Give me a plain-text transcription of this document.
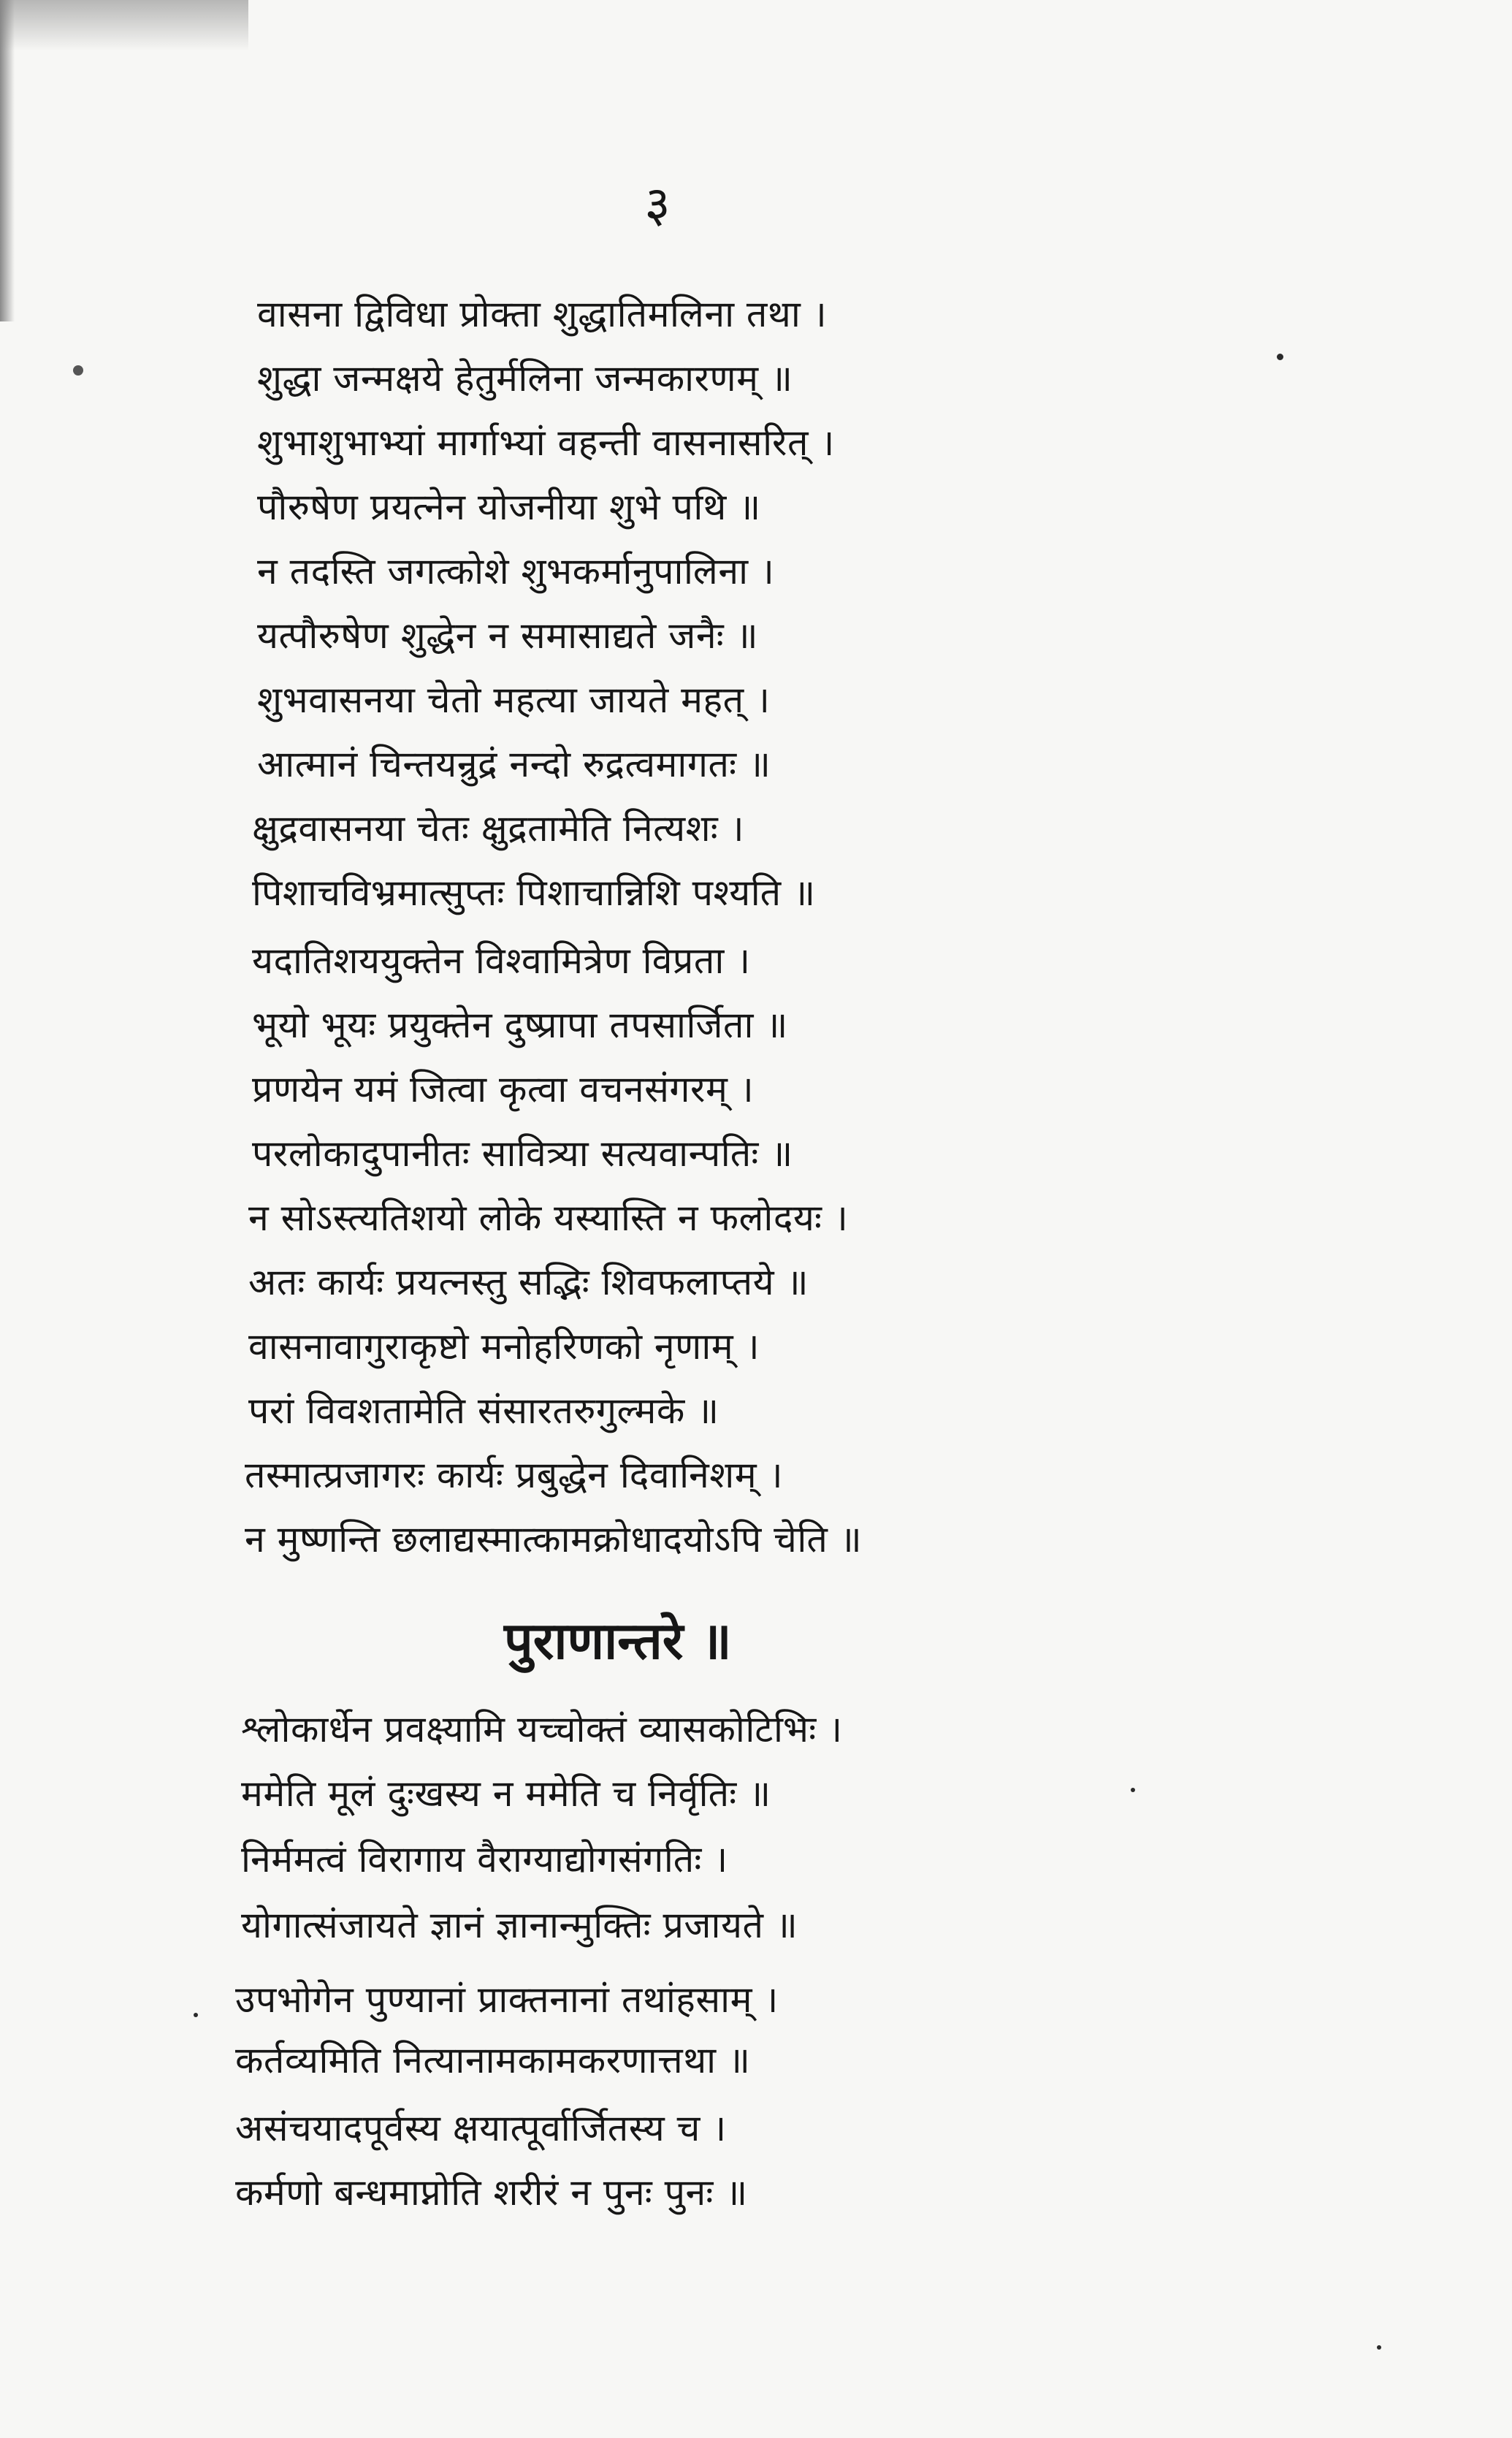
३
वासना द्विविधा प्रोक्ता शुद्धातिमलिना तथा ।
शुद्धा जन्मक्षये हेतुर्मलिना जन्मकारणम् ॥
शुभाशुभाभ्यां मार्गाभ्यां वहन्ती वासनासरित् ।
पौरुषेण प्रयत्नेन योजनीया शुभे पथि ॥
न तदस्ति जगत्कोशे शुभकर्मानुपालिना ।
यत्पौरुषेण शुद्धेन न समासाद्यते जनैः ॥
शुभवासनया चेतो महत्या जायते महत् ।
आत्मानं चिन्तयन्रुद्रं नन्दो रुद्रत्वमागतः ॥
क्षुद्रवासनया चेतः क्षुद्रतामेति नित्यशः ।
पिशाचविभ्रमात्सुप्तः पिशाचान्निशि पश्यति ॥
यदातिशययुक्तेन विश्वामित्रेण विप्रता ।
भूयो भूयः प्रयुक्तेन दुष्प्रापा तपसार्जिता ॥
प्रणयेन यमं जित्वा कृत्वा वचनसंगरम् ।
परलोकादुपानीतः सावित्र्या सत्यवान्पतिः ॥
न सोऽस्त्यतिशयो लोके यस्यास्ति न फलोदयः ।
अतः कार्यः प्रयत्नस्तु सद्भिः शिवफलाप्तये ॥
वासनावागुराकृष्टो मनोहरिणको नृणाम् ।
परां विवशतामेति संसारतरुगुल्मके ॥
तस्मात्प्रजागरः कार्यः प्रबुद्धेन दिवानिशम् ।
न मुष्णन्ति छलाद्यस्मात्कामक्रोधादयोऽपि चेति ॥
पुराणान्तरे ॥
श्लोकार्धेन प्रवक्ष्यामि यच्चोक्तं व्यासकोटिभिः ।
ममेति मूलं दुःखस्य न ममेति च निर्वृतिः ॥
निर्ममत्वं विरागाय वैराग्याद्योगसंगतिः ।
योगात्संजायते ज्ञानं ज्ञानान्मुक्तिः प्रजायते ॥
उपभोगेन पुण्यानां प्राक्तनानां तथांहसाम् ।
कर्तव्यमिति नित्यानामकामकरणात्तथा ॥
असंचयादपूर्वस्य क्षयात्पूर्वार्जितस्य च ।
कर्मणो बन्धमाप्नोति शरीरं न पुनः पुनः ॥
